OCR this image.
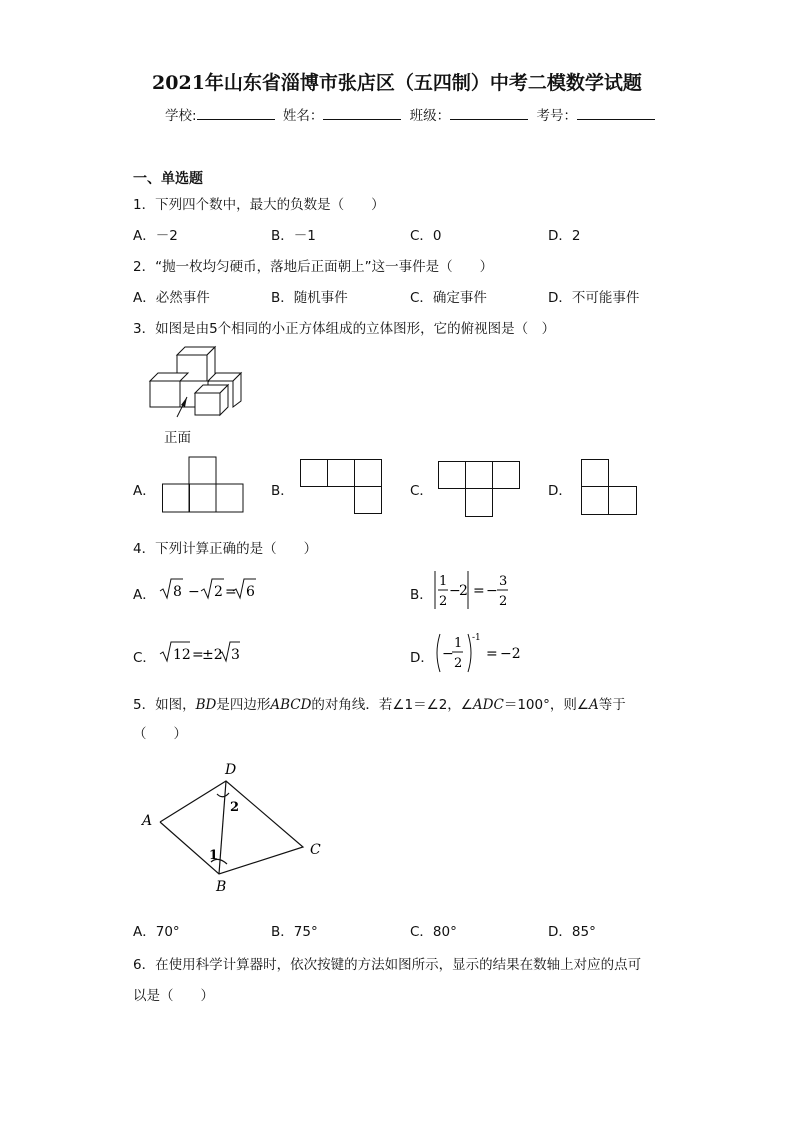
2021年山东省淄博市张店区（五四制）中考二模数学试题
学校:	姓名：	班级：	考号：
一、单选题
1．下列四个数中，最大的负数是（　　）
A．－2	B．－1	C．0	D．2
2．“抛一枚均匀硬币，落地后正面朝上”这一事件是（　　）
A．必然事件	B．随机事件	C．确定事件	D．不可能事件
3．如图是由5个相同的小正方体组成的立体图形，它的俯视图是（　）
正面
A．	B．	C．	D．
4．下列计算正确的是（　　）
A． 8 − 2 = 6	B．
1
2
−
2 = −
3
2
C． 12 =
±2 3	D． −
1
2
-1
= −2
5．如图，BD是四边形ABCD的对角线．若∠1＝∠2，∠ADC＝100°，则∠A等于
（　　）
D
A
C
B
2
1
A．70°	B．75°	C．80°	D．85°
6．在使用科学计算器时，依次按键的方法如图所示，显示的结果在数轴上对应的点可
以是（　　）
